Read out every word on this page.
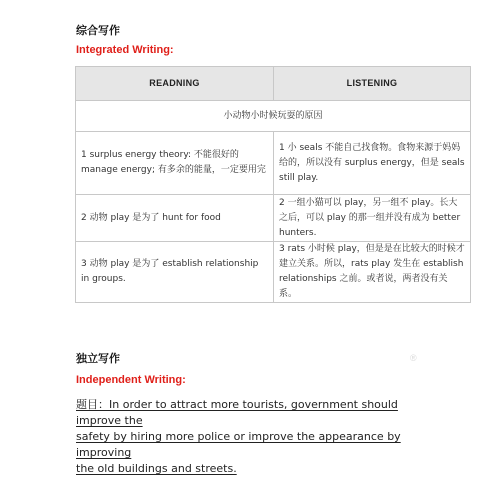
综合写作
Integrated Writing:
READNING	LISTENING
小动物小时候玩耍的原因	
1 surplus energy theory: 不能很好的 manage energy; 有多余的能量，一定要用完	1 小 seals 不能自己找食物。食物来源于妈妈给的，所以没有 surplus energy，但是 seals still play.
2 动物 play 是为了 hunt for food	2 一组小猫可以 play，另一组不 play。长大之后，可以 play 的那一组并没有成为 better hunters.
3 动物 play 是为了 establish relationship in groups.	3 rats 小时候 play，但是是在比较大的时候才建立关系。所以，rats play 发生在 establish relationships 之前。或者说，两者没有关系。
®
独立写作
Independent Writing:
题目：In order to attract more tourists, government should improve the
safety by hiring more police or improve the appearance by improving
the old buildings and streets.
